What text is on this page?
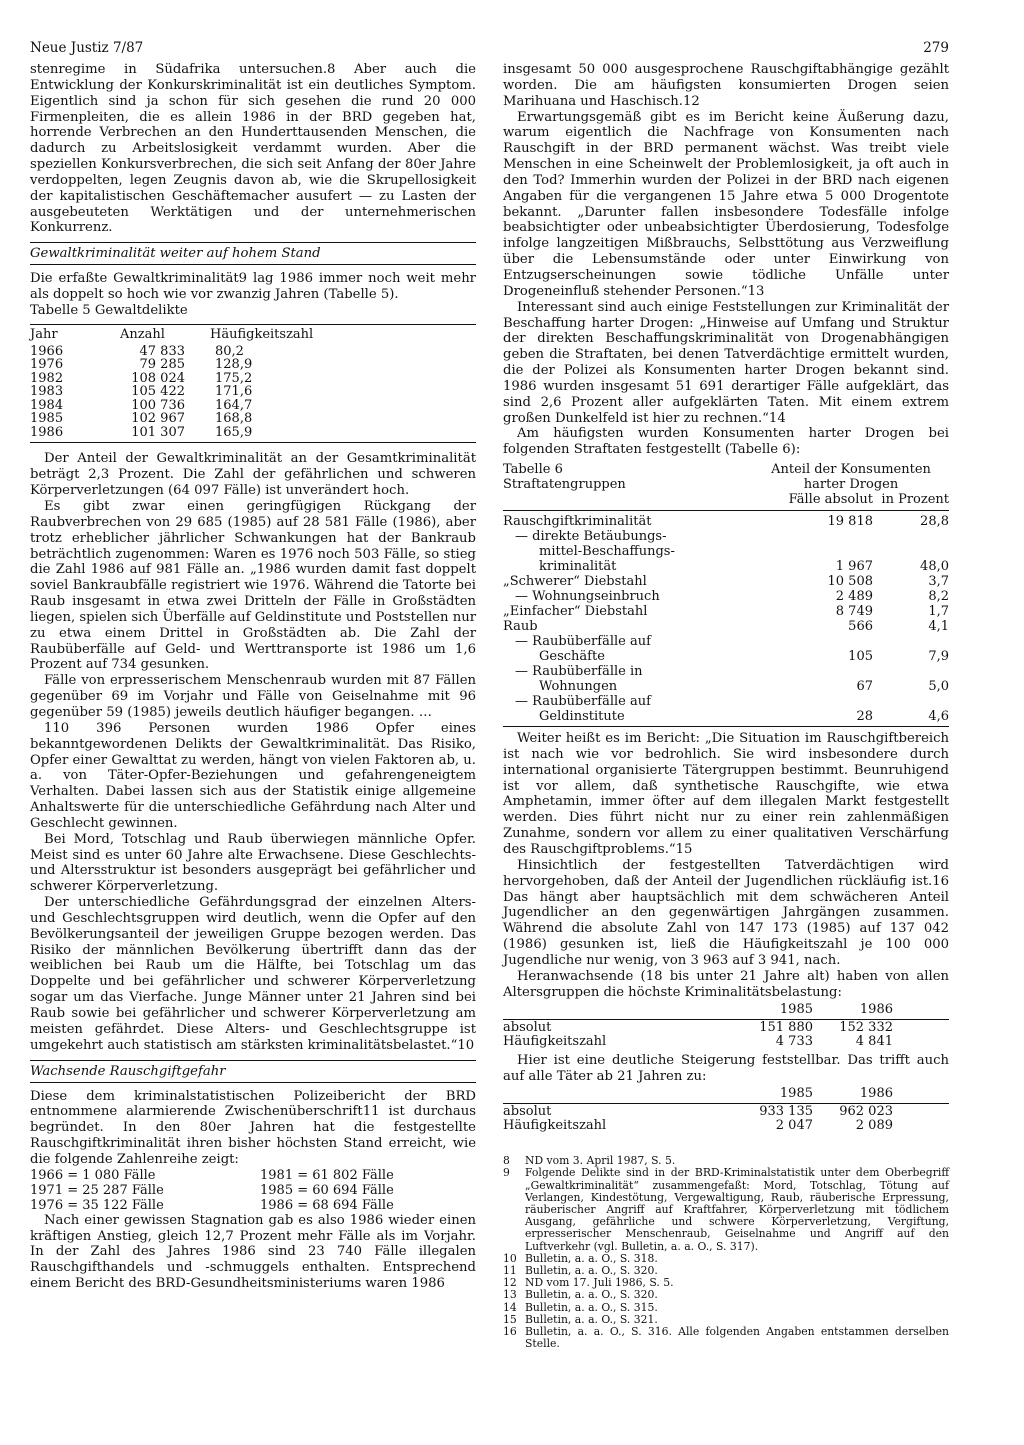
Neue Justiz 7/87	279

stenregime in Südafrika untersuchen.8 Aber auch die Entwicklung der Konkurskriminalität ist ein deutliches Symptom. Eigentlich sind ja schon für sich gesehen die rund 20 000 Firmenpleiten, die es allein 1986 in der BRD gegeben hat, horrende Verbrechen an den Hunderttausenden Menschen, die dadurch zu Arbeitslosigkeit verdammt wurden. Aber die speziellen Konkursverbrechen, die sich seit Anfang der 80er Jahre verdoppelten, legen Zeugnis davon ab, wie die Skrupellosigkeit der kapitalistischen Geschäftemacher ausufert — zu Lasten der ausgebeuteten Werktätigen und der unternehmerischen Konkurrenz.

Gewaltkriminalität weiter auf hohem Stand

Die erfaßte Gewaltkriminalität9 lag 1986 immer noch weit mehr als doppelt so hoch wie vor zwanzig Jahren (Tabelle 5).

Tabelle 5 Gewaltdelikte

Jahr	Anzahl	Häufigkeitszahl
1966	47 833	80,2
1976	79 285	128,9
1982	108 024	175,2
1983	105 422	171,6
1984	100 736	164,7
1985	102 967	168,8
1986	101 307	165,9

Der Anteil der Gewaltkriminalität an der Gesamtkriminalität beträgt 2,3 Prozent. Die Zahl der gefährlichen und schweren Körperverletzungen (64 097 Fälle) ist unverändert hoch.

Es gibt zwar einen geringfügigen Rückgang der Raubverbrechen von 29 685 (1985) auf 28 581 Fälle (1986), aber trotz erheblicher jährlicher Schwankungen hat der Bankraub beträchtlich zugenommen: Waren es 1976 noch 503 Fälle, so stieg die Zahl 1986 auf 981 Fälle an. „1986 wurden damit fast doppelt soviel Bankraubfälle registriert wie 1976. Während die Tatorte bei Raub insgesamt in etwa zwei Dritteln der Fälle in Großstädten liegen, spielen sich Überfälle auf Geldinstitute und Poststellen nur zu etwa einem Drittel in Großstädten ab. Die Zahl der Raubüberfälle auf Geld- und Werttransporte ist 1986 um 1,6 Prozent auf 734 gesunken.

Fälle von erpresserischem Menschenraub wurden mit 87 Fällen gegenüber 69 im Vorjahr und Fälle von Geiselnahme mit 96 gegenüber 59 (1985) jeweils deutlich häufiger begangen. …

110 396 Personen wurden 1986 Opfer eines bekanntgewordenen Delikts der Gewaltkriminalität. Das Risiko, Opfer einer Gewalttat zu werden, hängt von vielen Faktoren ab, u. a. von Täter-Opfer-Beziehungen und gefahrengeneigtem Verhalten. Dabei lassen sich aus der Statistik einige allgemeine Anhaltswerte für die unterschiedliche Gefährdung nach Alter und Geschlecht gewinnen.

Bei Mord, Totschlag und Raub überwiegen männliche Opfer. Meist sind es unter 60 Jahre alte Erwachsene. Diese Geschlechts- und Altersstruktur ist besonders ausgeprägt bei gefährlicher und schwerer Körperverletzung.

Der unterschiedliche Gefährdungsgrad der einzelnen Alters- und Geschlechtsgruppen wird deutlich, wenn die Opfer auf den Bevölkerungsanteil der jeweiligen Gruppe bezogen werden. Das Risiko der männlichen Bevölkerung übertrifft dann das der weiblichen bei Raub um die Hälfte, bei Totschlag um das Doppelte und bei gefährlicher und schwerer Körperverletzung sogar um das Vierfache. Junge Männer unter 21 Jahren sind bei Raub sowie bei gefährlicher und schwerer Körperverletzung am meisten gefährdet. Diese Alters- und Geschlechtsgruppe ist umgekehrt auch statistisch am stärksten kriminalitätsbelastet.“10

Wachsende Rauschgiftgefahr

Diese dem kriminalstatistischen Polizeibericht der BRD entnommene alarmierende Zwischenüberschrift11 ist durchaus begründet. In den 80er Jahren hat die festgestellte Rauschgiftkriminalität ihren bisher höchsten Stand erreicht, wie die folgende Zahlenreihe zeigt:

1966 = 1 080 Fälle	1981 = 61 802 Fälle
1971 = 25 287 Fälle	1985 = 60 694 Fälle
1976 = 35 122 Fälle	1986 = 68 694 Fälle

Nach einer gewissen Stagnation gab es also 1986 wieder einen kräftigen Anstieg, gleich 12,7 Prozent mehr Fälle als im Vorjahr. In der Zahl des Jahres 1986 sind 23 740 Fälle illegalen Rauschgifthandels und -schmuggels enthalten. Entsprechend einem Bericht des BRD-Gesundheitsministeriums waren 1986

insgesamt 50 000 ausgesprochene Rauschgiftabhängige gezählt worden. Die am häufigsten konsumierten Drogen seien Marihuana und Haschisch.12

Erwartungsgemäß gibt es im Bericht keine Äußerung dazu, warum eigentlich die Nachfrage von Konsumenten nach Rauschgift in der BRD permanent wächst. Was treibt viele Menschen in eine Scheinwelt der Problemlosigkeit, ja oft auch in den Tod? Immerhin wurden der Polizei in der BRD nach eigenen Angaben für die vergangenen 15 Jahre etwa 5 000 Drogentote bekannt. „Darunter fallen insbesondere Todesfälle infolge beabsichtigter oder unbeabsichtigter Überdosierung, Todesfolge infolge langzeitigen Mißbrauchs, Selbsttötung aus Verzweiflung über die Lebensumstände oder unter Einwirkung von Entzugserscheinungen sowie tödliche Unfälle unter Drogeneinfluß stehender Personen.“13

Interessant sind auch einige Feststellungen zur Kriminalität der Beschaffung harter Drogen: „Hinweise auf Umfang und Struktur der direkten Beschaffungskriminalität von Drogenabhängigen geben die Straftaten, bei denen Tatverdächtige ermittelt wurden, die der Polizei als Konsumenten harter Drogen bekannt sind. 1986 wurden insgesamt 51 691 derartiger Fälle aufgeklärt, das sind 2,6 Prozent aller aufgeklärten Taten. Mit einem extrem großen Dunkelfeld ist hier zu rechnen.“14

Am häufigsten wurden Konsumenten harter Drogen bei folgenden Straftaten festgestellt (Tabelle 6):

Tabelle 6	Anteil der Konsumenten	
Straftatengruppen	harter Drogen	
	Fälle absolut	in Prozent

Rauschgiftkriminalität	19 818	28,8
— direkte Betäubungs-		
mittel-Beschaffungs-		
kriminalität	1 967	48,0
„Schwerer“ Diebstahl	10 508	3,7
— Wohnungseinbruch	2 489	8,2
„Einfacher“ Diebstahl	8 749	1,7
Raub	566	4,1
— Raubüberfälle auf		
Geschäfte	105	7,9
— Raubüberfälle in		
Wohnungen	67	5,0
— Raubüberfälle auf		
Geldinstitute	28	4,6

Weiter heißt es im Bericht: „Die Situation im Rauschgiftbereich ist nach wie vor bedrohlich. Sie wird insbesondere durch international organisierte Tätergruppen bestimmt. Beunruhigend ist vor allem, daß synthetische Rauschgifte, wie etwa Amphetamin, immer öfter auf dem illegalen Markt festgestellt werden. Dies führt nicht nur zu einer rein zahlenmäßigen Zunahme, sondern vor allem zu einer qualitativen Verschärfung des Rauschgiftproblems.“15

Hinsichtlich der festgestellten Tatverdächtigen wird hervorgehoben, daß der Anteil der Jugendlichen rückläufig ist.16 Das hängt aber hauptsächlich mit dem schwächeren Anteil Jugendlicher an den gegenwärtigen Jahrgängen zusammen. Während die absolute Zahl von 147 173 (1985) auf 137 042 (1986) gesunken ist, ließ die Häufigkeitszahl je 100 000 Jugendliche nur wenig, von 3 963 auf 3 941, nach.

Heranwachsende (18 bis unter 21 Jahre alt) haben von allen Altersgruppen die höchste Kriminalitätsbelastung:

	1985	1986	

absolut	151 880	152 332	
Häufigkeitszahl	4 733	4 841	

Hier ist eine deutliche Steigerung feststellbar. Das trifft auch auf alle Täter ab 21 Jahren zu:

	1985	1986	

absolut	933 135	962 023	
Häufigkeitszahl	2 047	2 089	
8	ND vom 3. April 1987, S. 5.
9	Folgende Delikte sind in der BRD-Kriminalstatistik unter dem Oberbegriff „Gewaltkriminalität“ zusammengefaßt: Mord, Totschlag, Tötung auf Verlangen, Kindestötung, Vergewaltigung, Raub, räuberische Erpressung, räuberischer Angriff auf Kraftfahrer, Körperverletzung mit tödlichem Ausgang, gefährliche und schwere Körperverletzung, Vergiftung, erpresserischer Menschenraub, Geiselnahme und Angriff auf den Luftverkehr (vgl. Bulletin, a. a. O., S. 317).
10 Bulletin, a. a. O., S. 318.
11 Bulletin, a. a. O., S. 320.
12 ND vom 17. Juli 1986, S. 5.
13 Bulletin, a. a. O., S. 320.
14 Bulletin, a. a. O., S. 315.
15 Bulletin, a. a. O., S. 321.
16 Bulletin, a. a. O., S. 316. Alle folgenden Angaben entstammen derselben Stelle.
